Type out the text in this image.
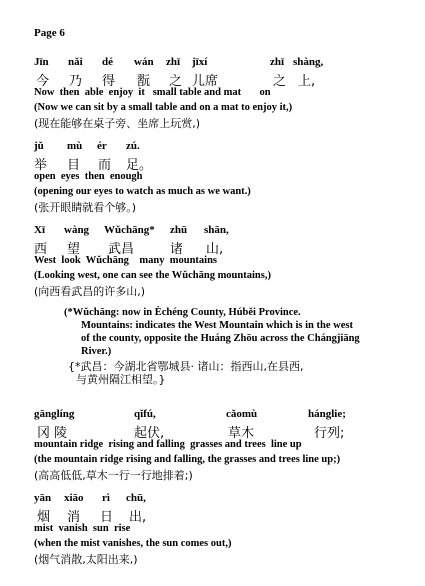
Page 6
Jīn nǎi dé wán zhī jīxí	zhī shàng,
今 乃 得 翫 之 儿席	之 上,
Now  then  able  enjoy  it   small table and mat       on
(Now we can sit by a small table and on a mat to enjoy it,)
(现在能够在桌子旁、坐席上玩赏,)
jǔ mù ér zú.
举 目 而 足。
open  eyes  then  enough
(opening our eyes to watch as much as we want.)
(张开眼睛就看个够。)
Xī wàng Wǔchāng* zhū shān,
西 望 武昌	诸 山,
West  look  Wǔchāng    many  mountains
(Looking west, one can see the Wǔchāng mountains,)
(向西看武昌的许多山,)
(*Wǔchāng: now in Èchéng County, Húběi Province.
Mountains: indicates the West Mountain which is in the west
of the county, opposite the Huáng Zhōu across the Chángjiāng
River.)
{*武昌：今湖北省鄂城县· 诸山：指西山,在县西,
与黄州隔江相望。}
gānglíng	qǐfú,	cǎomù	hánglie;
冈 陵	起伏,	草木	行列;
mountain ridge  rising and falling  grasses and trees  line up
(the mountain ridge rising and falling, the grasses and trees line up;)
(高高低低,草木一行一行地排着;)
yān xiāo rì chū,
烟 消 日 出,
mist  vanish  sun  rise
(when the mist vanishes, the sun comes out,)
(烟气消散,太阳出来,)
